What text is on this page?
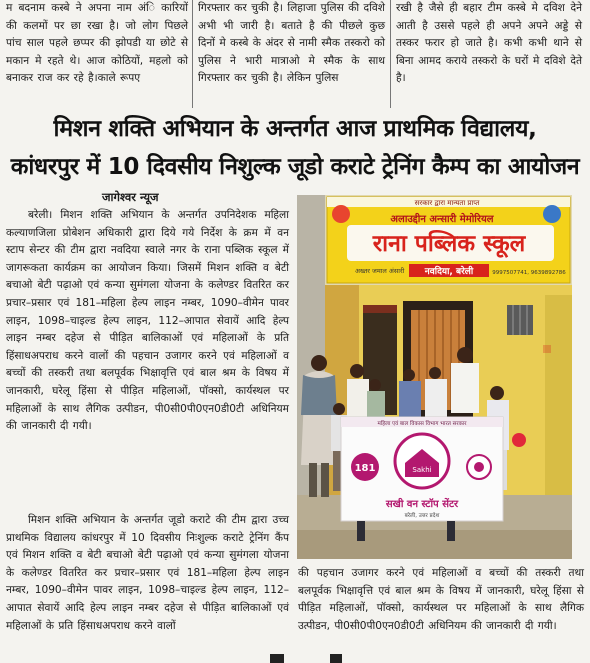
म बदनाम कस्बे ने अपना नाम अंि कारियों की कलमों पर छा रखा है। जो लोग पिछले पांच साल पहले छप्पर की झोपडी या छोटे से मकान मे रहते थे। आज कोठियों, महलो को बनाकर राज कर रहे है।काले रूपए

गिरफ्तार कर चुकी है। लिहाजा पुलिस की दविशे अभी भी जारी है। बताते है की पीछले कुछ दिनों मे कस्बे के अंदर से नामी स्मैक तस्करो को पुलिस ने भारी मात्राओ मे स्मैक के साथ गिरफ्तार कर चुकी है। लेकिन पुलिस

रखी है जैसे ही बहार टीम कस्बे मे दविश देने आती है उससे पहले ही अपने अपने अड्डे से तस्कर फरार हो जाते है। कभी कभी थाने से बिना आमद कराये तस्करो के घरों मे दविशे देते है।

मिशन शक्ति अभियान के अन्तर्गत आज प्राथमिक विद्यालय,
कांधरपुर में 10 दिवसीय निशुल्क जूडो कराटे ट्रेनिंग कैम्प का आयोजन
जागेश्वर न्यूज

बरेली। मिशन शक्ति अभियान के अन्तर्गत उपनिदेशक महिला कल्याणजिला प्रोबेशन अधिकारी द्वारा दिये गये निर्देश के क्रम में वन स्टाप सेन्टर की टीम द्वारा नवदिया स्वाले नगर के राना पब्लिक स्कूल में जागरूकता कार्यक्रम का आयोजन किया। जिसमें मिशन शक्ति व बेटी बचाओ बेटी पढ़ाओ एवं कन्या सुमंगला योजना के कलेण्डर वितरित कर प्रचार–प्रसार एवं 181–महिला हेल्प लाइन नम्बर, 1090–वीमेन पावर लाइन, 1098–चाइल्ड हेल्प लाइन, 112–आपात सेवायें आदि हेल्प लाइन नम्बर दहेज से पीड़ित बालिकाओं एवं महिलाओं के प्रति हिंसाधअपराध करने वालों की पहचान उजागर करने एवं महिलाओं व बच्चों की तस्करी तथा बलपूर्वक भिक्षावृत्ति एवं बाल श्रम के विषय में जानकारी, घरेलू हिंसा से पीड़ित महिलाओं, पॉक्सो, कार्यस्थल पर महिलाओं के साथ लैगिक उत्पीडन, पी0सी0पी0एन0डी0टी अधिनियम की जानकारी दी गयी।

मिशन शक्ति अभियान के अन्तर्गत जूडो कराटे की टीम द्वारा उच्च प्राथमिक विद्यालय कांधरपुर में 10 दिवसीय निःशुल्क कराटे ट्रेनिंग कैंप एवं मिशन शक्ति व बेटी बचाओ बेटी पढ़ाओ एवं कन्या सुमंगला योजना के कलेण्डर वितरित कर प्रचार–प्रसार एवं 181–महिला हेल्प लाइन नम्बर, 1090–वीमेन पावर लाइन, 1098–चाइल्ड हेल्प लाइन, 112–आपात सेवायें आदि हेल्प लाइन नम्बर दहेज से पीड़ित बालिकाओं एवं महिलाओं के प्रति हिंसाधअपराध करने वालों

की पहचान उजागर करने एवं महिलाओं व बच्चों की तस्करी तथा बलपूर्वक भिक्षावृत्ति एवं बाल श्रम के विषय में जानकारी, घरेलू हिंसा से पीड़ित महिलाओं, पॉक्सो, कार्यस्थल पर महिलाओं के साथ लैगिक उत्पीडन, पी0सी0पी0एन0डी0टी अधिनियम की जानकारी दी गयी।

सरकार द्वारा मान्यता प्राप्त
अलाउद्दीन अन्सारी मेमोरियल
राना पब्लिक स्कूल
अख्तर जमाल अंसारी नवदिया, बरेली	9997507741, 9639892786
महिला एवं बाल विकास विभाग भारत सरकार
181	Sakhi
सखी वन स्टॉप सेंटर
बरेली, उत्तर प्रदेश
